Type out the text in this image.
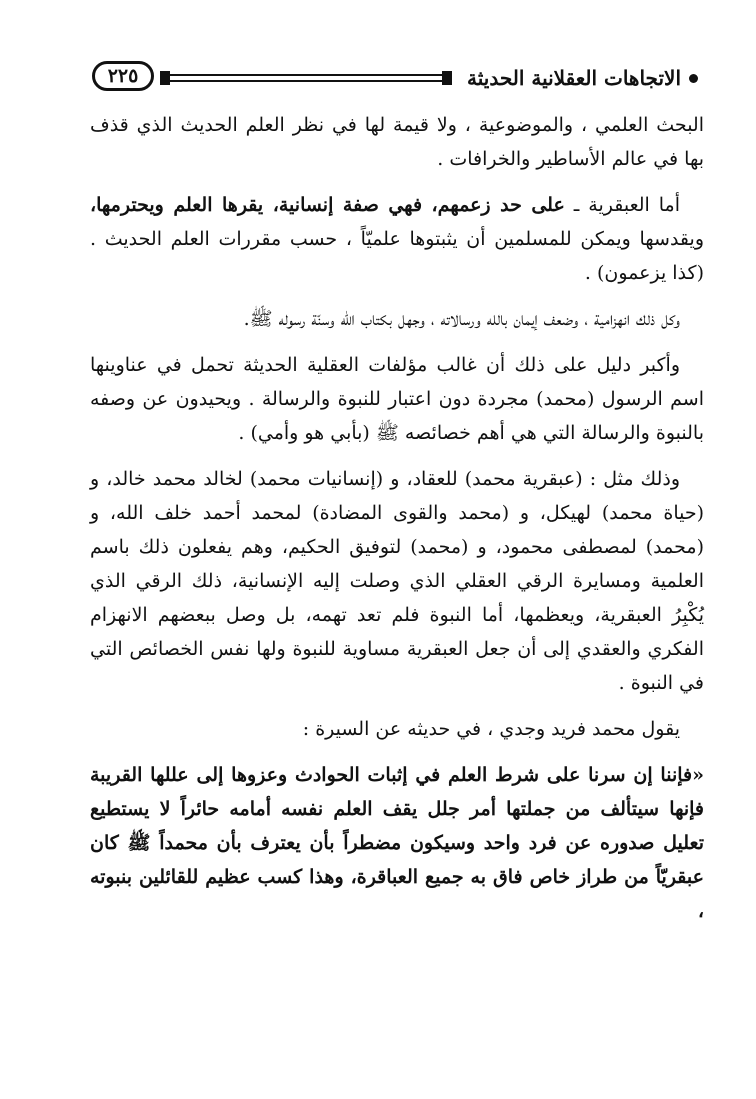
الاتجاهات العقلانية الحديثة
٢٢٥

البحث العلمي ، والموضوعية ، ولا قيمة لها في نظر العلم الحديث الذي قذف بها في عالم الأساطير والخرافات .

أما العبقرية ـ على حد زعمهم، فهي صفة إنسانية، يقرها العلم ويحترمها، ويقدسها ويمكن للمسلمين أن يثبتوها علميّاً ، حسب مقررات العلم الحديث . (كذا يزعمون) .

وكل ذلك انهزامية ، وضعف إيمان بالله ورسالاته ، وجهل بكتاب الله وسنّة رسوله ﷺ.

وأكبر دليل على ذلك أن غالب مؤلفات العقلية الحديثة تحمل في عناوينها اسم الرسول (محمد) مجردة دون اعتبار للنبوة والرسالة . ويحيدون عن وصفه بالنبوة والرسالة التي هي أهم خصائصه ﷺ (بأبي هو وأمي) .

وذلك مثل : (عبقرية محمد) للعقاد، و (إنسانيات محمد) لخالد محمد خالد، و (حياة محمد) لهيكل، و (محمد والقوى المضادة) لمحمد أحمد خلف الله، و (محمد) لمصطفى محمود، و (محمد) لتوفيق الحكيم، وهم يفعلون ذلك باسم العلمية ومسايرة الرقي العقلي الذي وصلت إليه الإنسانية، ذلك الرقي الذي يُكْبِرُ العبقرية، ويعظمها، أما النبوة فلم تعد تهمه، بل وصل ببعضهم الانهزام الفكري والعقدي إلى أن جعل العبقرية مساوية للنبوة ولها نفس الخصائص التي في النبوة .

يقول محمد فريد وجدي ، في حديثه عن السيرة :

«فإننا إن سرنا على شرط العلم في إثبات الحوادث وعزوها إلى عللها القريبة فإنها سيتألف من جملتها أمر جلل يقف العلم نفسه أمامه حائراً لا يستطيع تعليل صدوره عن فرد واحد وسيكون مضطراً بأن يعترف بأن محمداً ﷺ كان عبقريّاً من طراز خاص فاق به جميع العباقرة، وهذا كسب عظيم للقائلين بنبوته ،
